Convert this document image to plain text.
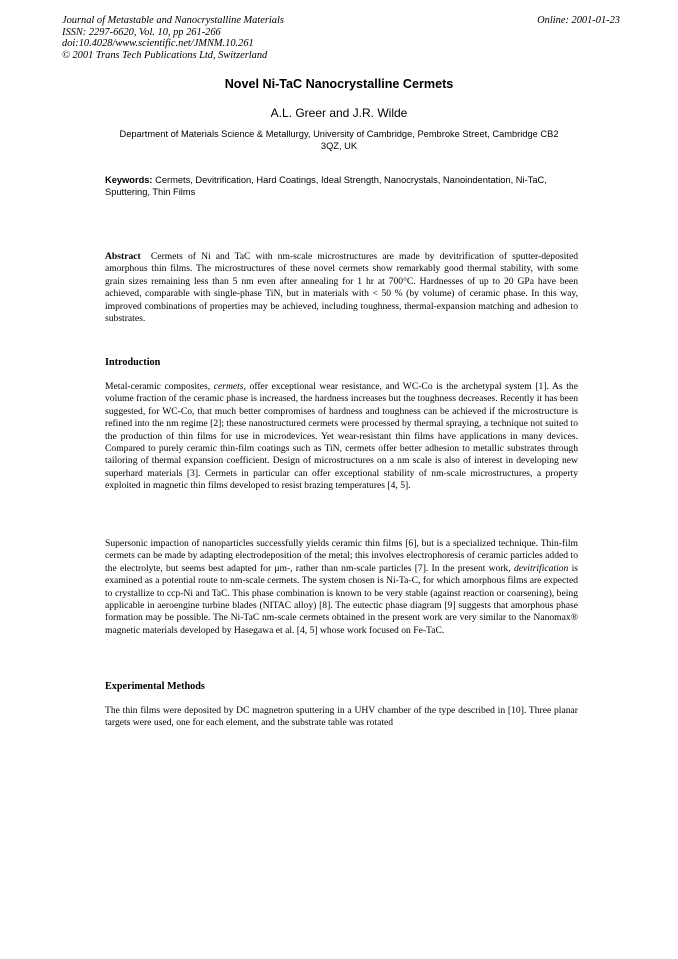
Journal of Metastable and Nanocrystalline Materials
ISSN: 2297-6620, Vol. 10, pp 261-266
doi:10.4028/www.scientific.net/JMNM.10.261
© 2001 Trans Tech Publications Ltd, Switzerland
Online: 2001-01-23
Novel Ni-TaC Nanocrystalline Cermets
A.L. Greer and J.R. Wilde
Department of Materials Science & Metallurgy, University of Cambridge, Pembroke Street, Cambridge CB2 3QZ, UK
Keywords: Cermets, Devitrification, Hard Coatings, Ideal Strength, Nanocrystals, Nanoindentation, Ni-TaC, Sputtering, Thin Films
Abstract Cermets of Ni and TaC with nm-scale microstructures are made by devitrification of sputter-deposited amorphous thin films. The microstructures of these novel cermets show remarkably good thermal stability, with some grain sizes remaining less than 5 nm even after annealing for 1 hr at 700°C. Hardnesses of up to 20 GPa have been achieved, comparable with single-phase TiN, but in materials with < 50 % (by volume) of ceramic phase. In this way, improved combinations of properties may be achieved, including toughness, thermal-expansion matching and adhesion to substrates.
Introduction
Metal-ceramic composites, cermets, offer exceptional wear resistance, and WC-Co is the archetypal system [1]. As the volume fraction of the ceramic phase is increased, the hardness increases but the toughness decreases. Recently it has been suggested, for WC-Co, that much better compromises of hardness and toughness can be achieved if the microstructure is refined into the nm regime [2]; these nanostructured cermets were processed by thermal spraying, a technique not suited to the production of thin films for use in microdevices. Yet wear-resistant thin films have applications in many devices. Compared to purely ceramic thin-film coatings such as TiN, cermets offer better adhesion to metallic substrates through tailoring of thermal expansion coefficient. Design of microstructures on a nm scale is also of interest in developing new superhard materials [3]. Cermets in particular can offer exceptional stability of nm-scale microstructures, a property exploited in magnetic thin films developed to resist brazing temperatures [4, 5].
Supersonic impaction of nanoparticles successfully yields ceramic thin films [6], but is a specialized technique. Thin-film cermets can be made by adapting electrodeposition of the metal; this involves electrophoresis of ceramic particles added to the electrolyte, but seems best adapted for μm-, rather than nm-scale particles [7]. In the present work, devitrification is examined as a potential route to nm-scale cermets. The system chosen is Ni-Ta-C, for which amorphous films are expected to crystallize to ccp-Ni and TaC. This phase combination is known to be very stable (against reaction or coarsening), being applicable in aeroengine turbine blades (NITAC alloy) [8]. The eutectic phase diagram [9] suggests that amorphous phase formation may be possible. The Ni-TaC nm-scale cermets obtained in the present work are very similar to the Nanomax® magnetic materials developed by Hasegawa et al. [4, 5] whose work focused on Fe-TaC.
Experimental Methods
The thin films were deposited by DC magnetron sputtering in a UHV chamber of the type described in [10]. Three planar targets were used, one for each element, and the substrate table was rotated
